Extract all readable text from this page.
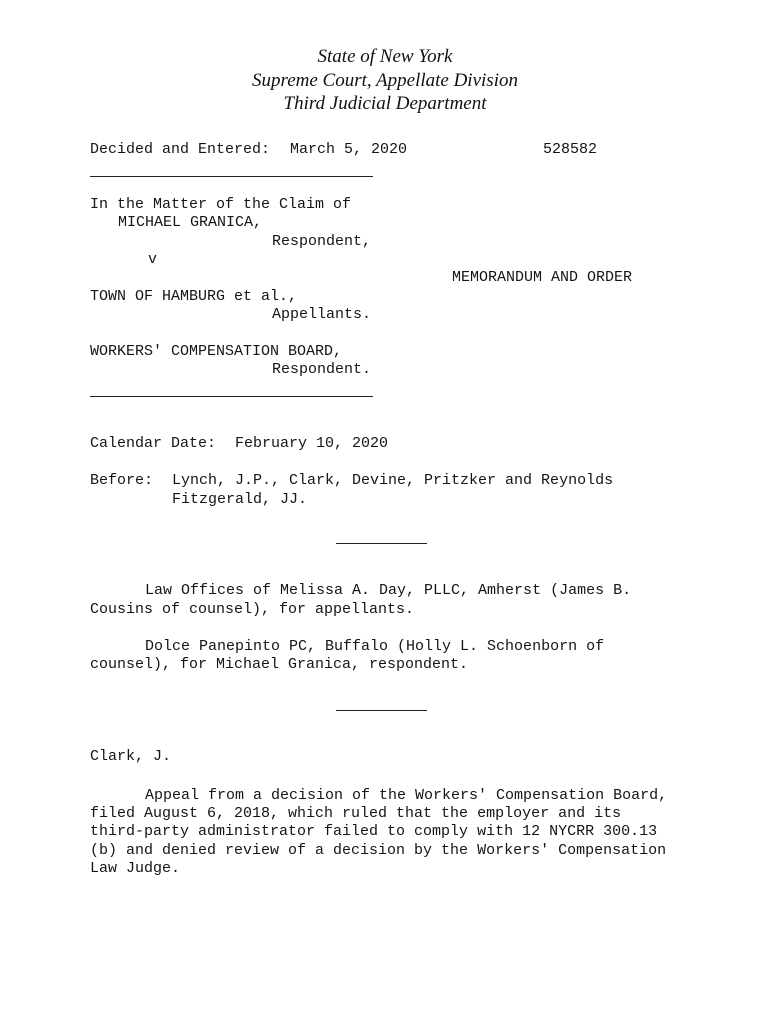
State of New York
Supreme Court, Appellate Division
Third Judicial Department
Decided and Entered: March 5, 2020	528582
In the Matter of the Claim of
MICHAEL GRANICA,
Respondent,
v
MEMORANDUM AND ORDER
TOWN OF HAMBURG et al.,
Appellants.
WORKERS' COMPENSATION BOARD,
Respondent.
Calendar Date: February 10, 2020
Before: Lynch, J.P., Clark, Devine, Pritzker and Reynolds
Fitzgerald, JJ.
Law Offices of Melissa A. Day, PLLC, Amherst (James B.
Cousins of counsel), for appellants.
Dolce Panepinto PC, Buffalo (Holly L. Schoenborn of
counsel), for Michael Granica, respondent.
Clark, J.
Appeal from a decision of the Workers' Compensation Board,
filed August 6, 2018, which ruled that the employer and its
third-party administrator failed to comply with 12 NYCRR 300.13
(b) and denied review of a decision by the Workers' Compensation
Law Judge.
